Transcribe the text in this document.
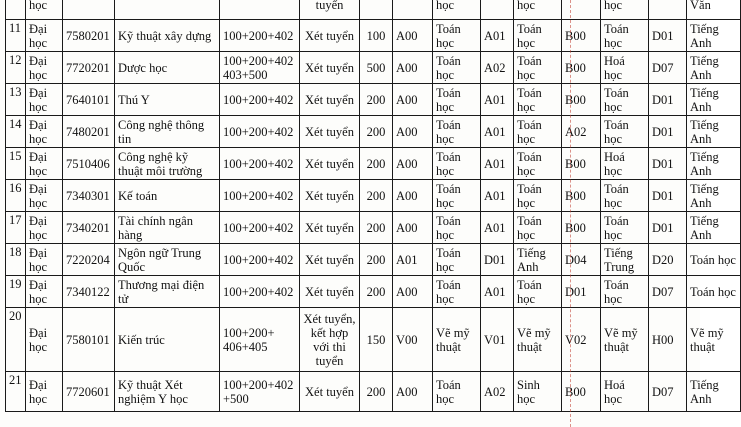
	học				tuyển			học		học		học		Văn
11	Đại học	7580201	Kỹ thuật xây dựng	100+200+402	Xét tuyển	100	A00	Toán học	A01	Toán học	B00	Toán học	D01	Tiếng Anh
12	Đại học	7720201	Dược học	100+200+402 403+500	Xét tuyển	500	A00	Toán học	A02	Toán học	B00	Hoá học	D07	Tiếng Anh
13	Đại học	7640101	Thú Y	100+200+402	Xét tuyển	200	A00	Toán học	A01	Toán học	B00	Toán học	D01	Tiếng Anh
14	Đại học	7480201	Công nghệ thông tin	100+200+402	Xét tuyển	200	A00	Toán học	A01	Toán học	A02	Toán học	D01	Tiếng Anh
15	Đại học	7510406	Công nghệ kỹ thuật môi trường	100+200+402	Xét tuyển	200	A00	Toán học	A01	Toán học	B00	Hoá học	D01	Tiếng Anh
16	Đại học	7340301	Kế toán	100+200+402	Xét tuyển	200	A00	Toán học	A01	Toán học	B00	Toán học	D01	Tiếng Anh
17	Đại học	7340201	Tài chính ngân hàng	100+200+402	Xét tuyển	200	A00	Toán học	A01	Toán học	B00	Toán học	D01	Tiếng Anh
18	Đại học	7220204	Ngôn ngữ Trung Quốc	100+200+402	Xét tuyển	200	A01	Toán học	D01	Tiếng Anh	D04	Tiếng Trung	D20	Toán học
19	Đại học	7340122	Thương mại điện tử	100+200+402	Xét tuyển	200	A00	Toán học	A01	Toán học	D01	Toán học	D07	Toán học
20	Đại học	7580101	Kiến trúc	100+200+ 406+405	Xét tuyển, kết hợp với thi tuyển	150	V00	Vẽ mỹ thuật	V01	Vẽ mỹ thuật	V02	Vẽ mỹ thuật	H00	Vẽ mỹ thuật
21	Đại học	7720601	Kỹ thuật Xét nghiệm Y học	100+200+402 +500	Xét tuyển	200	A00	Toán học	A02	Sinh học	B00	Hoá học	D07	Tiếng Anh
